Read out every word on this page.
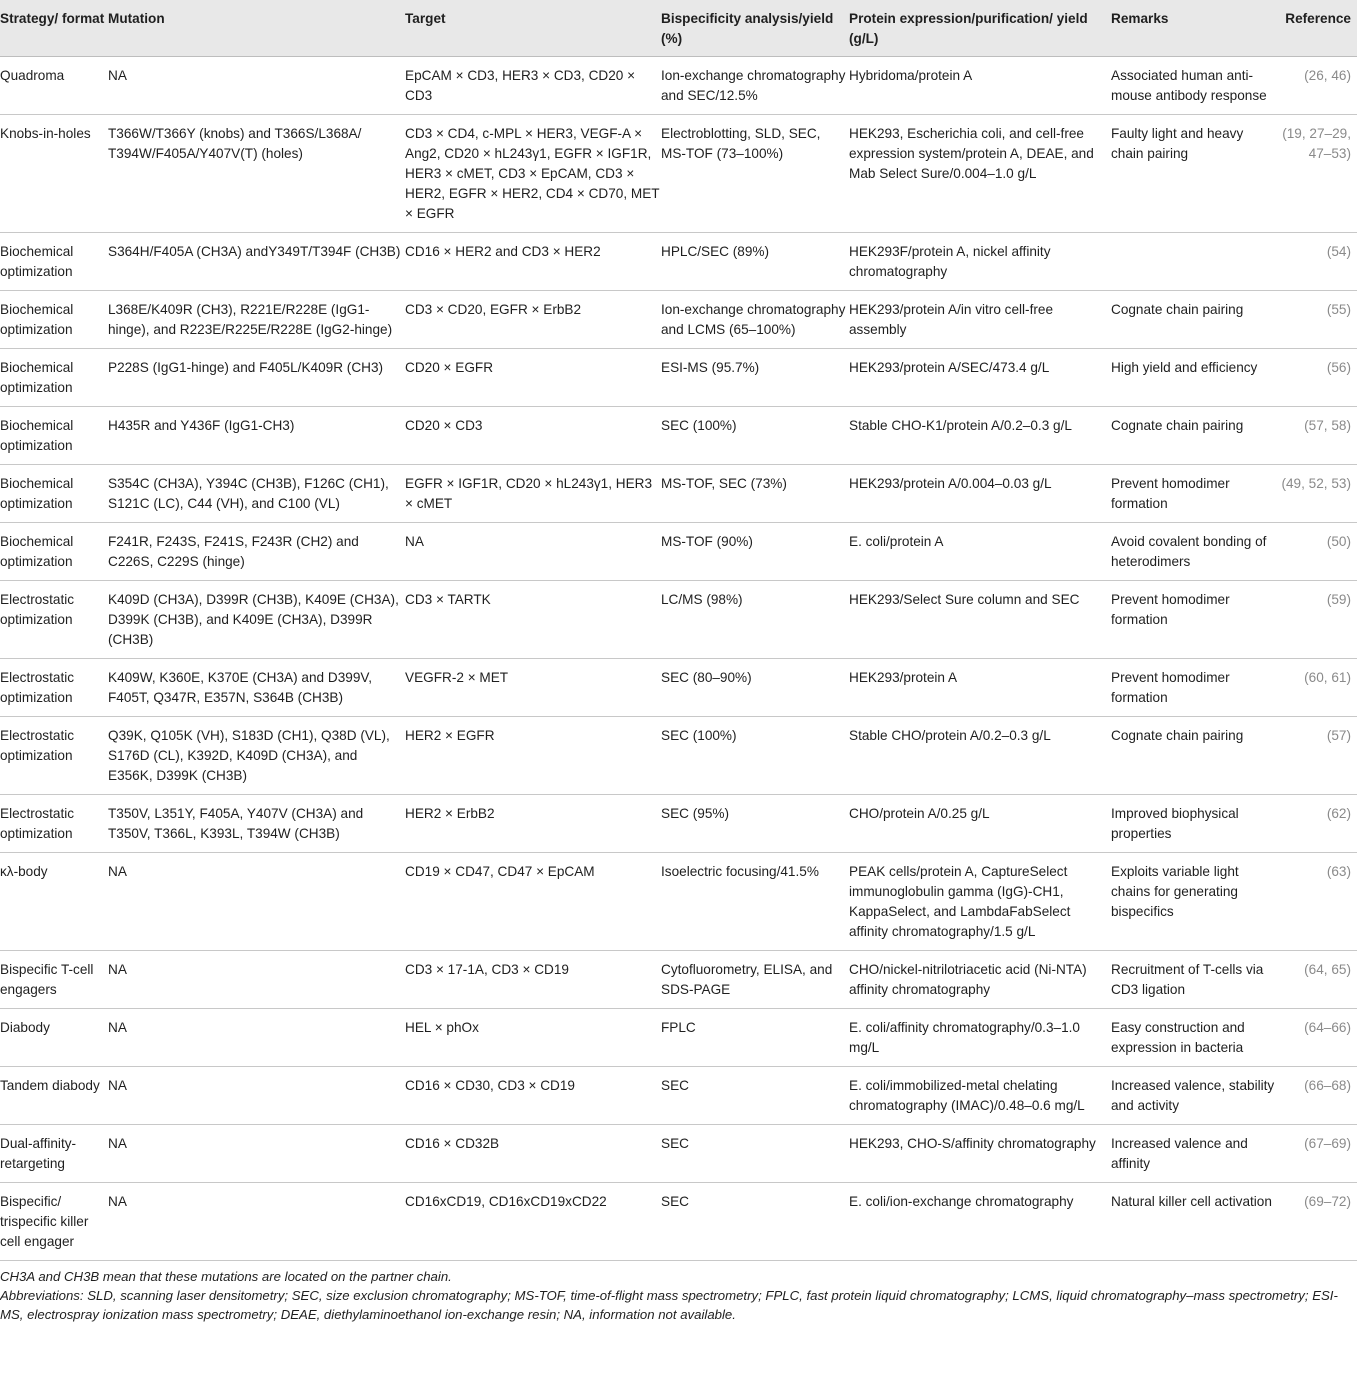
Strategy/ format	Mutation	Target	Bispecificity analysis/yield (%)	Protein expression/purification/ yield (g/L)	Remarks	Reference
Quadroma	NA	EpCAM × CD3, HER3 × CD3, CD20 × CD3	Ion-exchange chromatography and SEC/12.5%	Hybridoma/protein A	Associated human anti-mouse antibody response	(26, 46)
Knobs-in-holes	T366W/T366Y (knobs) and T366S/L368A/ T394W/F405A/Y407V(T) (holes)	CD3 × CD4, c-MPL × HER3, VEGF-A × Ang2, CD20 × hL243γ1, EGFR × IGF1R, HER3 × cMET, CD3 × EpCAM, CD3 × HER2, EGFR × HER2, CD4 × CD70, MET × EGFR	Electroblotting, SLD, SEC, MS-TOF (73–100%)	HEK293, Escherichia coli, and cell-free expression system/protein A, DEAE, and Mab Select Sure/0.004–1.0 g/L	Faulty light and heavy chain pairing	(19, 27–29, 47–53)
Biochemical optimization	S364H/F405A (CH3A) andY349T/T394F (CH3B)	CD16 × HER2 and CD3 × HER2	HPLC/SEC (89%)	HEK293F/protein A, nickel affinity chromatography		(54)
Biochemical optimization	L368E/K409R (CH3), R221E/R228E (IgG1-hinge), and R223E/R225E/R228E (IgG2-hinge)	CD3 × CD20, EGFR × ErbB2	Ion-exchange chromatography and LCMS (65–100%)	HEK293/protein A/in vitro cell-free assembly	Cognate chain pairing	(55)
Biochemical optimization	P228S (IgG1-hinge) and F405L/K409R (CH3)	CD20 × EGFR	ESI-MS (95.7%)	HEK293/protein A/SEC/473.4 g/L	High yield and efficiency	(56)
Biochemical optimization	H435R and Y436F (IgG1-CH3)	CD20 × CD3	SEC (100%)	Stable CHO-K1/protein A/0.2–0.3 g/L	Cognate chain pairing	(57, 58)
Biochemical optimization	S354C (CH3A), Y394C (CH3B), F126C (CH1), S121C (LC), C44 (VH), and C100 (VL)	EGFR × IGF1R, CD20 × hL243γ1, HER3 × cMET	MS-TOF, SEC (73%)	HEK293/protein A/0.004–0.03 g/L	Prevent homodimer formation	(49, 52, 53)
Biochemical optimization	F241R, F243S, F241S, F243R (CH2) and C226S, C229S (hinge)	NA	MS-TOF (90%)	E. coli/protein A	Avoid covalent bonding of heterodimers	(50)
Electrostatic optimization	K409D (CH3A), D399R (CH3B), K409E (CH3A), D399K (CH3B), and K409E (CH3A), D399R (CH3B)	CD3 × TARTK	LC/MS (98%)	HEK293/Select Sure column and SEC	Prevent homodimer formation	(59)
Electrostatic optimization	K409W, K360E, K370E (CH3A) and D399V, F405T, Q347R, E357N, S364B (CH3B)	VEGFR-2 × MET	SEC (80–90%)	HEK293/protein A	Prevent homodimer formation	(60, 61)
Electrostatic optimization	Q39K, Q105K (VH), S183D (CH1), Q38D (VL), S176D (CL), K392D, K409D (CH3A), and E356K, D399K (CH3B)	HER2 × EGFR	SEC (100%)	Stable CHO/protein A/0.2–0.3 g/L	Cognate chain pairing	(57)
Electrostatic optimization	T350V, L351Y, F405A, Y407V (CH3A) and T350V, T366L, K393L, T394W (CH3B)	HER2 × ErbB2	SEC (95%)	CHO/protein A/0.25 g/L	Improved biophysical properties	(62)
κλ-body	NA	CD19 × CD47, CD47 × EpCAM	Isoelectric focusing/41.5%	PEAK cells/protein A, CaptureSelect immunoglobulin gamma (IgG)-CH1, KappaSelect, and LambdaFabSelect affinity chromatography/1.5 g/L	Exploits variable light chains for generating bispecifics	(63)
Bispecific T-cell engagers	NA	CD3 × 17-1A, CD3 × CD19	Cytofluorometry, ELISA, and SDS-PAGE	CHO/nickel-nitrilotriacetic acid (Ni-NTA) affinity chromatography	Recruitment of T-cells via CD3 ligation	(64, 65)
Diabody	NA	HEL × phOx	FPLC	E. coli/affinity chromatography/0.3–1.0 mg/L	Easy construction and expression in bacteria	(64–66)
Tandem diabody	NA	CD16 × CD30, CD3 × CD19	SEC	E. coli/immobilized-metal chelating chromatography (IMAC)/0.48–0.6 mg/L	Increased valence, stability and activity	(66–68)
Dual-affinity-retargeting	NA	CD16 × CD32B	SEC	HEK293, CHO-S/affinity chromatography	Increased valence and affinity	(67–69)
Bispecific/ trispecific killer cell engager	NA	CD16xCD19, CD16xCD19xCD22	SEC	E. coli/ion-exchange chromatography	Natural killer cell activation	(69–72)

CH3A and CH3B mean that these mutations are located on the partner chain.

Abbreviations: SLD, scanning laser densitometry; SEC, size exclusion chromatography; MS-TOF, time-of-flight mass spectrometry; FPLC, fast protein liquid chromatography; LCMS, liquid chromatography–mass spectrometry; ESI-MS, electrospray ionization mass spectrometry; DEAE, diethylaminoethanol ion-exchange resin; NA, information not available.
